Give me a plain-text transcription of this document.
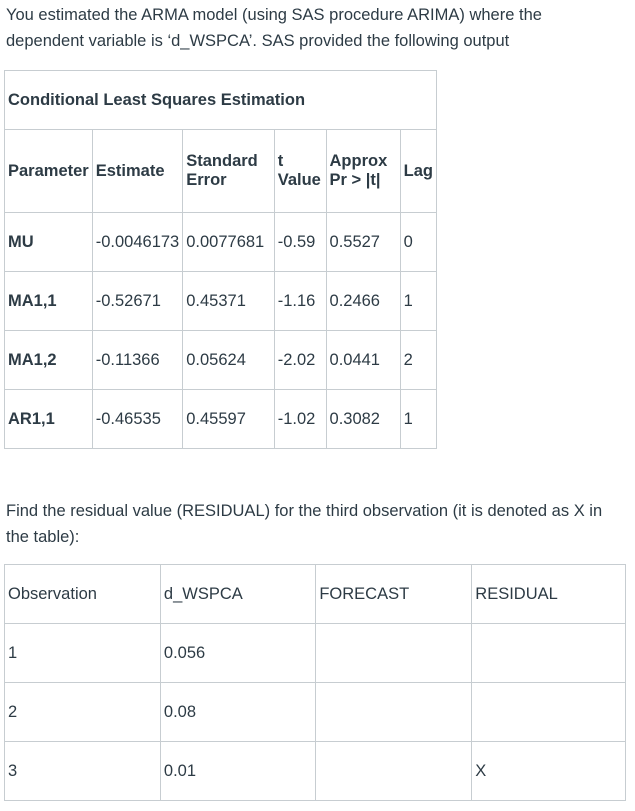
You estimated the ARMA model (using SAS procedure ARIMA) where the dependent variable is ‘d_WSPCA’. SAS provided the following output

Conditional Least Squares Estimation					
Parameter	Estimate	Standard Error	t Value	Approx Pr > |t|	Lag
MU	-0.0046173	0.0077681	-0.59	0.5527	0
MA1,1	-0.52671	0.45371	-1.16	0.2466	1
MA1,2	-0.11366	0.05624	-2.02	0.0441	2
AR1,1	-0.46535	0.45597	-1.02	0.3082	1

Find the residual value (RESIDUAL) for the third observation (it is denoted as X in the table):

Observation	d_WSPCA	FORECAST	RESIDUAL
1	0.056		
2	0.08		
3	0.01		X
